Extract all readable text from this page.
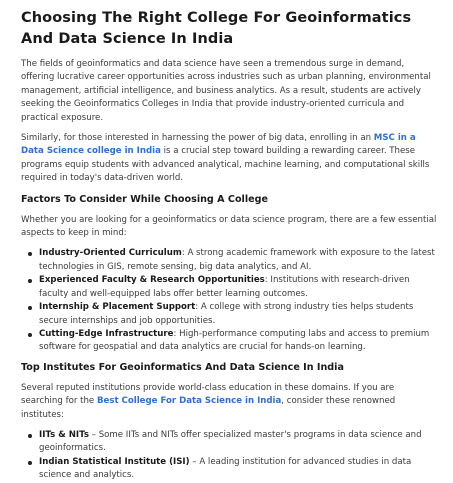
Choosing The Right College For Geoinformatics And Data Science In India

The fields of geoinformatics and data science have seen a tremendous surge in demand, offering lucrative career opportunities across industries such as urban planning, environmental management, artificial intelligence, and business analytics. As a result, students are actively seeking the Geoinformatics Colleges in India that provide industry-oriented curricula and practical exposure.

Similarly, for those interested in harnessing the power of big data, enrolling in an MSC in a Data Science college in India is a crucial step toward building a rewarding career. These programs equip students with advanced analytical, machine learning, and computational skills required in today's data-driven world.

Factors To Consider While Choosing A College

Whether you are looking for a geoinformatics or data science program, there are a few essential aspects to keep in mind:

Industry-Oriented Curriculum: A strong academic framework with exposure to the latest technologies in GIS, remote sensing, big data analytics, and AI.
Experienced Faculty & Research Opportunities: Institutions with research-driven faculty and well-equipped labs offer better learning outcomes.
Internship & Placement Support: A college with strong industry ties helps students secure internships and job opportunities.
Cutting-Edge Infrastructure: High-performance computing labs and access to premium software for geospatial and data analytics are crucial for hands-on learning.
Top Institutes For Geoinformatics And Data Science In India

Several reputed institutions provide world-class education in these domains. If you are searching for the Best College For Data Science in India, consider these renowned institutes:

IITs & NITs – Some IITs and NITs offer specialized master's programs in data science and geoinformatics.
Indian Statistical Institute (ISI) – A leading institution for advanced studies in data science and analytics.
